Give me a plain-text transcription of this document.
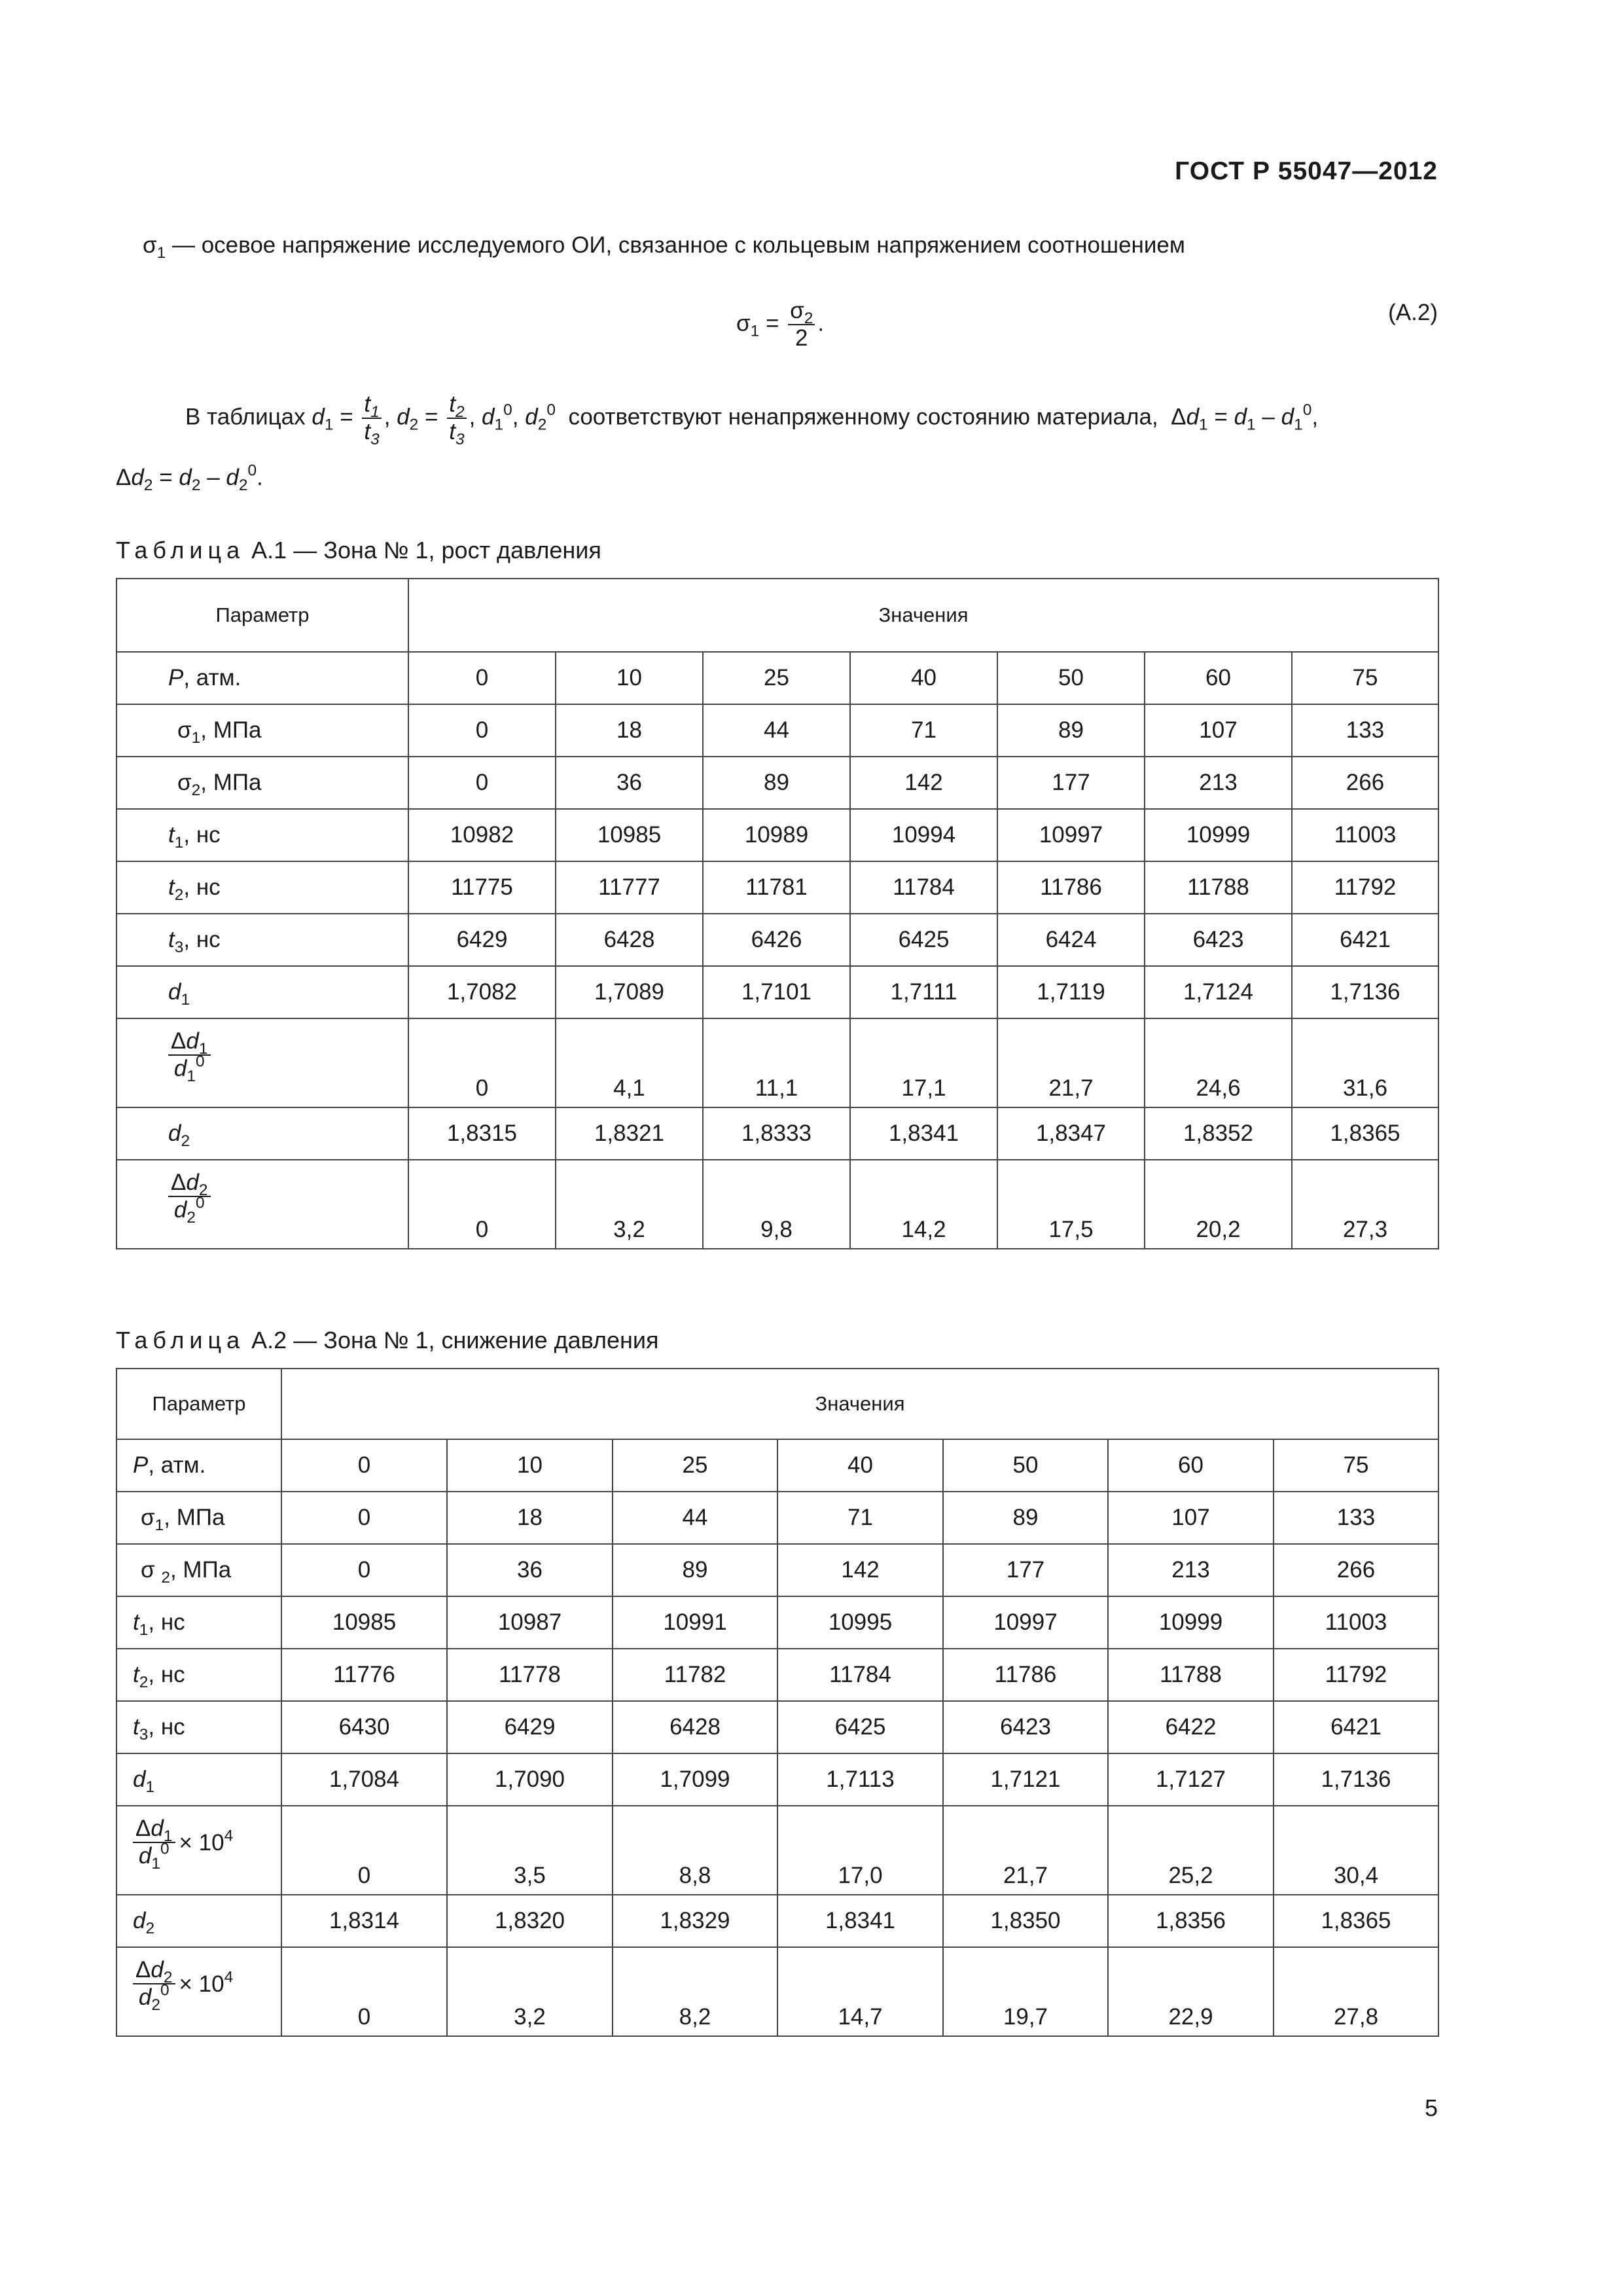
ГОСТ Р 55047—2012
$\sigma_1$ — осевое напряжение исследуемого ОИ, связанное с кольцевым напряжением соотношением
$\sigma_1 = \frac{\sigma_2}{2}$ .	(А.2)
В таблицах $d_1 = \frac{t_1}{t_3}$ , $d_2 = \frac{t_2}{t_3}$ , $d_1^0$, $d_2^0$ соответствуют ненапряженному состоянию материала,  $\Delta d_1 = d_1 - d_1^0$,
$\Delta d_2 = d_2 - d_2^0$.
Таблица А.1 — Зона № 1, рост давления
Параметр	Значения						
P, атм.	0	10	25	40	50	60	75
$\sigma_1$, МПа	0	18	44	71	89	107	133
$\sigma_2$, МПа	0	36	89	142	177	213	266
$t_1$, нс	10982	10985	10989	10994	10997	10999	11003
$t_2$, нс	11775	11777	11781	11784	11786	11788	11792
$t_3$, нс	6429	6428	6426	6425	6424	6423	6421
$d_1$	1,7082	1,7089	1,7101	1,7111	1,7119	1,7124	1,7136

$\frac{\Delta d_1}{d_1^0}$	0	4,1	11,1	17,1	21,7	24,6	31,6
$d_2$	1,8315	1,8321	1,8333	1,8341	1,8347	1,8352	1,8365

$\frac{\Delta d_2}{d_2^0}$	0	3,2	9,8	14,2	17,5	20,2	27,3
Таблица А.2 — Зона № 1, снижение давления
Параметр	Значения						
P, атм.	0	10	25	40	50	60	75
$\sigma_1$, МПа	0	18	44	71	89	107	133
σ $_2$, МПа	0	36	89	142	177	213	266
$t_1$, нс	10985	10987	10991	10995	10997	10999	11003
$t_2$, нс	11776	11778	11782	11784	11786	11788	11792
$t_3$, нс	6430	6429	6428	6425	6423	6422	6421
$d_1$	1,7084	1,7090	1,7099	1,7113	1,7121	1,7127	1,7136

$\frac{\Delta d_1}{d_1^0} \times 10^4$	0	3,5	8,8	17,0	21,7	25,2	30,4
$d_2$	1,8314	1,8320	1,8329	1,8341	1,8350	1,8356	1,8365

$\frac{\Delta d_2}{d_2^0} \times 10^4$	0	3,2	8,2	14,7	19,7	22,9	27,8
5
